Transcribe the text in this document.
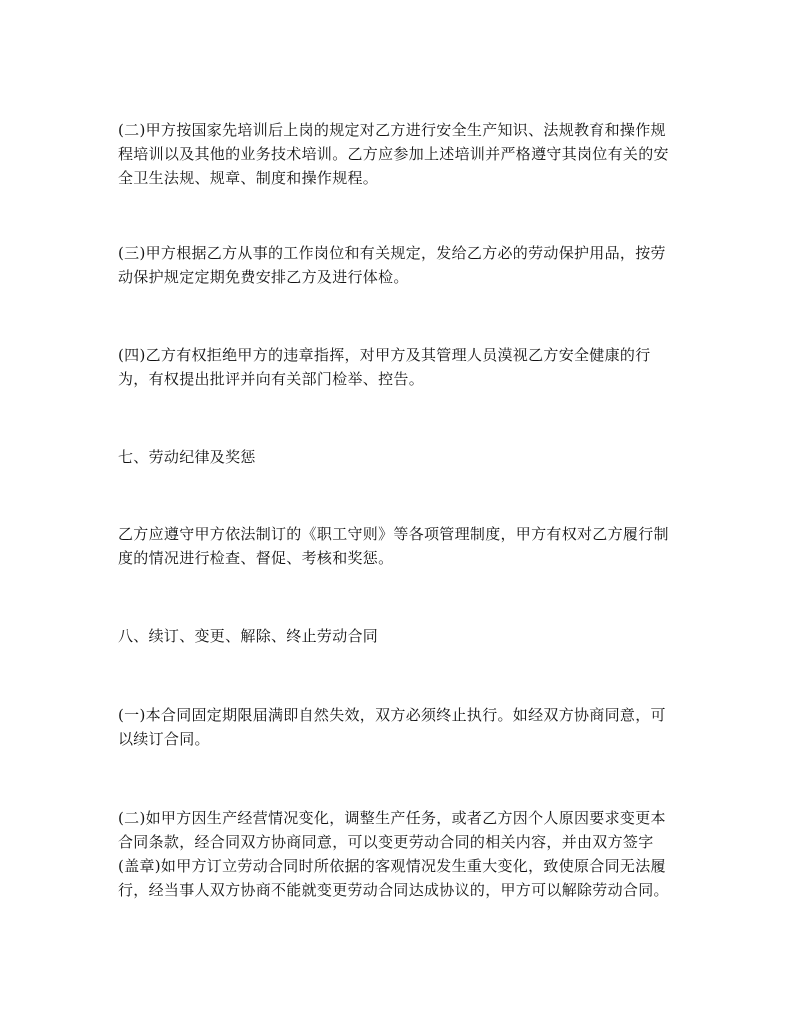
(二)甲方按国家先培训后上岗的规定对乙方进行安全生产知识、法规教育和操作规
程培训以及其他的业务技术培训。乙方应参加上述培训并严格遵守其岗位有关的安
全卫生法规、规章、制度和操作规程。
(三)甲方根据乙方从事的工作岗位和有关规定，发给乙方必的劳动保护用品，按劳
动保护规定定期免费安排乙方及进行体检。
(四)乙方有权拒绝甲方的违章指挥，对甲方及其管理人员漠视乙方安全健康的行
为，有权提出批评并向有关部门检举、控告。
七、劳动纪律及奖惩
乙方应遵守甲方依法制订的《职工守则》等各项管理制度，甲方有权对乙方履行制
度的情况进行检查、督促、考核和奖惩。
八、续订、变更、解除、终止劳动合同
(一)本合同固定期限届满即自然失效，双方必须终止执行。如经双方协商同意，可
以续订合同。
(二)如甲方因生产经营情况变化，调整生产任务，或者乙方因个人原因要求变更本
合同条款，经合同双方协商同意，可以变更劳动合同的相关内容，并由双方签字
(盖章)如甲方订立劳动合同时所依据的客观情况发生重大变化，致使原合同无法履
行，经当事人双方协商不能就变更劳动合同达成协议的，甲方可以解除劳动合同。
